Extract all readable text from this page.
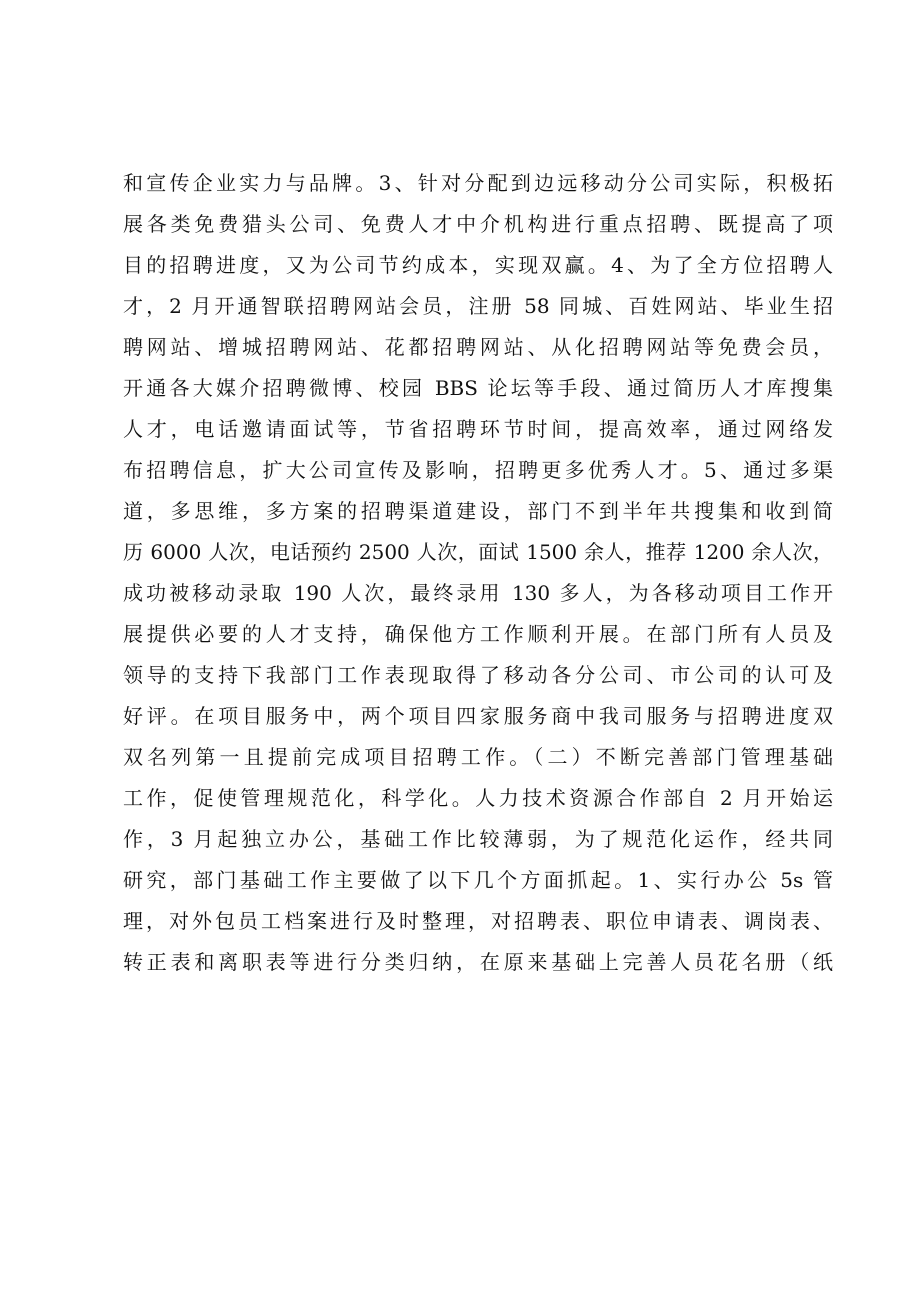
和宣传企业实力与品牌。3、针对分配到边远移动分公司实际，积极拓
展各类免费猎头公司、免费人才中介机构进行重点招聘、既提高了项
目的招聘进度，又为公司节约成本，实现双赢。4、为了全方位招聘人
才，2 月开通智联招聘网站会员，注册 58 同城、百姓网站、毕业生招
聘网站、增城招聘网站、花都招聘网站、从化招聘网站等免费会员，
开通各大媒介招聘微博、校园 BBS 论坛等手段、通过简历人才库搜集
人才，电话邀请面试等，节省招聘环节时间，提高效率，通过网络发
布招聘信息，扩大公司宣传及影响，招聘更多优秀人才。5、通过多渠
道，多思维，多方案的招聘渠道建设，部门不到半年共搜集和收到简
历 6000 人次，电话预约 2500 人次，面试 1500 余人，推荐 1200 余人次，
成功被移动录取 190 人次，最终录用 130 多人，为各移动项目工作开
展提供必要的人才支持，确保他方工作顺利开展。在部门所有人员及
领导的支持下我部门工作表现取得了移动各分公司、市公司的认可及
好评。在项目服务中，两个项目四家服务商中我司服务与招聘进度双
双名列第一且提前完成项目招聘工作。（二）不断完善部门管理基础
工作，促使管理规范化，科学化。人力技术资源合作部自 2 月开始运
作，3 月起独立办公，基础工作比较薄弱，为了规范化运作，经共同
研究，部门基础工作主要做了以下几个方面抓起。1、实行办公 5s 管
理，对外包员工档案进行及时整理，对招聘表、职位申请表、调岗表、
转正表和离职表等进行分类归纳，在原来基础上完善人员花名册（纸
